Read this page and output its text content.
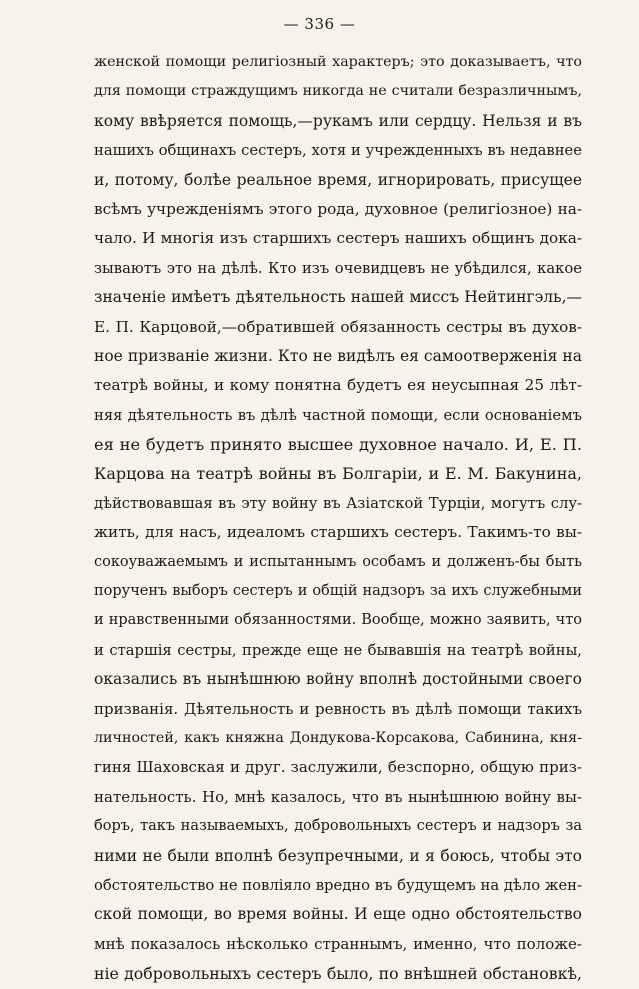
— 336 —
женской помощи религіозный характеръ; это доказываетъ, что
для помощи страждущимъ никогда не считали безразличнымъ,
кому ввѣряется помощь,—рукамъ или сердцу. Нельзя и въ
нашихъ общинахъ сестеръ, хотя и учрежденныхъ въ недавнее
и, потому, болѣе реальное время, игнорировать, присущее
всѣмъ учрежденіямъ этого рода, духовное (религіозное) на-
чало. И многія изъ старшихъ сестеръ нашихъ общинъ дока-
зываютъ это на дѣлѣ. Кто изъ очевидцевъ не убѣдился, какое
значеніе имѣетъ дѣятельность нашей миссъ Нейтингэль,—
Е. П. Карцовой,—обратившей обязанность сестры въ духов-
ное призваніе жизни. Кто не видѣлъ ея самоотверженія на
театрѣ войны, и кому понятна будетъ ея неусыпная 25 лѣт-
няя дѣятельность въ дѣлѣ частной помощи, если основаніемъ
ея не будетъ принято высшее духовное начало. И, Е. П.
Карцова на театрѣ войны въ Болгаріи, и Е. М. Бакунина,
дѣйствовавшая въ эту войну въ Азіатской Турціи, могутъ слу-
жить, для насъ, идеаломъ старшихъ сестеръ. Такимъ-то вы-
сокоуважаемымъ и испытаннымъ особамъ и долженъ-бы быть
порученъ выборъ сестеръ и общій надзоръ за ихъ служебными
и нравственными обязанностями. Вообще, можно заявить, что
и старшія сестры, прежде еще не бывавшія на театрѣ войны,
оказались въ нынѣшнюю войну вполнѣ достойными своего
призванія. Дѣятельность и ревность въ дѣлѣ помощи такихъ
личностей, какъ княжна Дондукова-Корсакова, Сабинина, кня-
гиня Шаховская и друг. заслужили, безспорно, общую приз-
нательность. Но, мнѣ казалось, что въ нынѣшнюю войну вы-
боръ, такъ называемыхъ, добровольныхъ сестеръ и надзоръ за
ними не были вполнѣ безупречными, и я боюсь, чтобы это
обстоятельство не повліяло вредно въ будущемъ на дѣло жен-
ской помощи, во время войны. И еще одно обстоятельство
мнѣ показалось нѣсколько страннымъ, именно, что положе-
ніе добровольныхъ сестеръ было, по внѣшней обстановкѣ,
